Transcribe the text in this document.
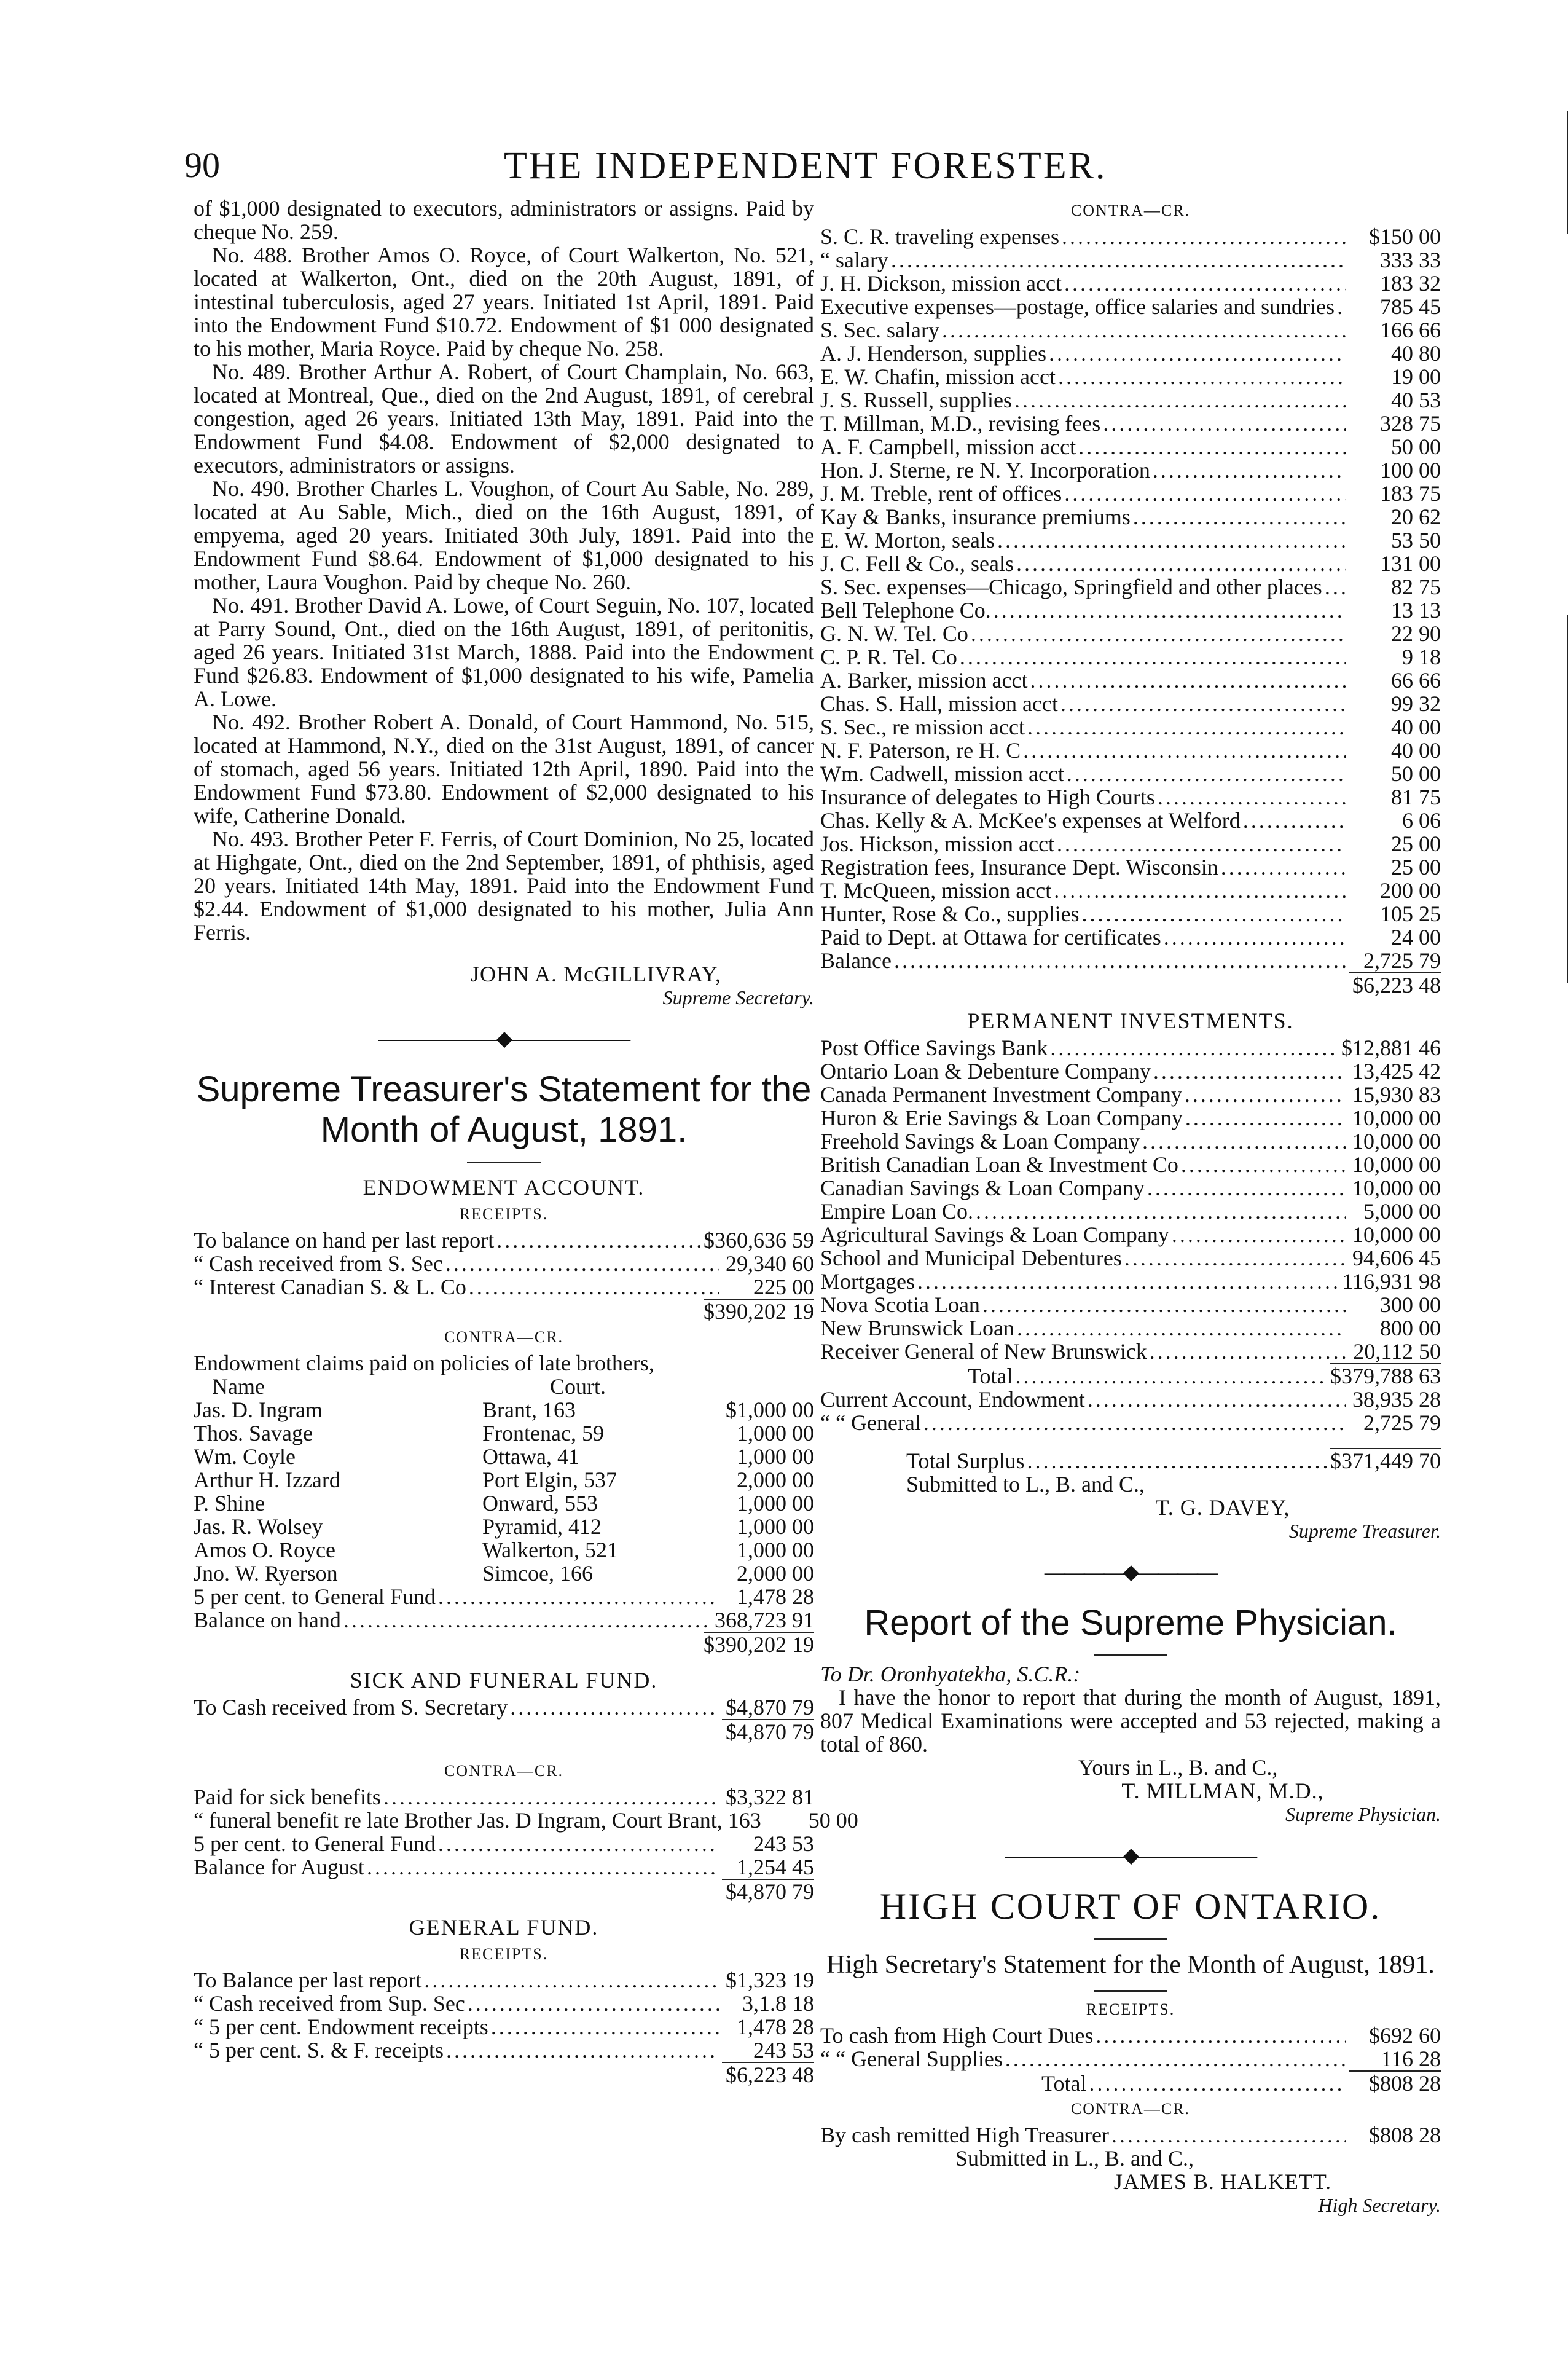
90	THE INDEPENDENT FORESTER.

of $1,000 designated to executors, administrators or assigns. Paid by cheque No. 259.

No. 488. Brother Amos O. Royce, of Court Walkerton, No. 521, located at Walkerton, Ont., died on the 20th August, 1891, of intestinal tuberculosis, aged 27 years. Initiated 1st April, 1891. Paid into the Endowment Fund $10.72. Endowment of $1 000 designated to his mother, Maria Royce. Paid by cheque No. 258.

No. 489. Brother Arthur A. Robert, of Court Champlain, No. 663, located at Montreal, Que., died on the 2nd August, 1891, of cerebral congestion, aged 26 years. Initiated 13th May, 1891. Paid into the Endowment Fund $4.08. Endowment of $2,000 designated to executors, administrators or assigns.

No. 490. Brother Charles L. Voughon, of Court Au Sable, No. 289, located at Au Sable, Mich., died on the 16th August, 1891, of empyema, aged 20 years. Initiated 30th July, 1891. Paid into the Endowment Fund $8.64. Endowment of $1,000 designated to his mother, Laura Voughon. Paid by cheque No. 260.

No. 491. Brother David A. Lowe, of Court Seguin, No. 107, located at Parry Sound, Ont., died on the 16th August, 1891, of peritonitis, aged 26 years. Initiated 31st March, 1888. Paid into the Endowment Fund $26.83. Endowment of $1,000 designated to his wife, Pamelia A. Lowe.

No. 492. Brother Robert A. Donald, of Court Hammond, No. 515, located at Hammond, N.Y., died on the 31st August, 1891, of cancer of stomach, aged 56 years. Initiated 12th April, 1890. Paid into the Endowment Fund $73.80. Endowment of $2,000 designated to his wife, Catherine Donald.

No. 493. Brother Peter F. Ferris, of Court Dominion, No 25, located at Highgate, Ont., died on the 2nd September, 1891, of phthisis, aged 20 years. Initiated 14th May, 1891. Paid into the Endowment Fund $2.44. Endowment of $1,000 designated to his mother, Julia Ann Ferris.

JOHN A. McGILLIVRAY,
Supreme Secretary.
——————◆——————
Supreme Treasurer's Statement for the Month of August, 1891.
ENDOWMENT ACCOUNT.
RECEIPTS.
To balance on hand per last report .....	$360,636 59
“ Cash received from S. Sec .....	29,340 60
“ Interest Canadian S. & L. Co .....	225 00
$390,202 19
CONTRA—CR.
Endowment claims paid on policies of late brothers,
Name	Court.
Jas. D. Ingram	Brant, 163	$1,000 00
Thos. Savage	Frontenac, 59	1,000 00
Wm. Coyle	Ottawa, 41	1,000 00
Arthur H. Izzard	Port Elgin, 537	2,000 00
P. Shine	Onward, 553	1,000 00
Jas. R. Wolsey	Pyramid, 412	1,000 00
Amos O. Royce	Walkerton, 521	1,000 00
Jno. W. Ryerson	Simcoe, 166	2,000 00
5 per cent. to General Fund .....	1,478 28
Balance on hand .....	368,723 91
$390,202 19
SICK AND FUNERAL FUND.
To Cash received from S. Secretary .....	$4,870 79
$4,870 79
CONTRA—CR.
Paid for sick benefits .....	$3,322 81
“ funeral benefit re late Brother Jas. D Ingram, Court Brant, 163	50 00
5 per cent. to General Fund .....	243 53
Balance for August .....	1,254 45
$4,870 79
GENERAL FUND.
RECEIPTS.
To Balance per last report .....	$1,323 19
“ Cash received from Sup. Sec .....	3,1.8 18
“ 5 per cent. Endowment receipts .....	1,478 28
“ 5 per cent. S. & F. receipts .....	243 53
$6,223 48
CONTRA—CR.
S. C. R. traveling expenses .....	$150 00
“ salary .....	333 33
J. H. Dickson, mission acct .....	183 32
Executive expenses—postage, office salaries and sundries .....	785 45
S. Sec. salary .....	166 66
A. J. Henderson, supplies .....	40 80
E. W. Chafin, mission acct .....	19 00
J. S. Russell, supplies .....	40 53
T. Millman, M.D., revising fees .....	328 75
A. F. Campbell, mission acct .....	50 00
Hon. J. Sterne, re N. Y. Incorporation .....	100 00
J. M. Treble, rent of offices .....	183 75
Kay & Banks, insurance premiums .....	20 62
E. W. Morton, seals .....	53 50
J. C. Fell & Co., seals .....	131 00
S. Sec. expenses—Chicago, Springfield and other places .....	82 75
Bell Telephone Co. .....	13 13
G. N. W. Tel. Co .....	22 90
C. P. R. Tel. Co .....	9 18
A. Barker, mission acct .....	66 66
Chas. S. Hall, mission acct .....	99 32
S. Sec., re mission acct .....	40 00
N. F. Paterson, re H. C .....	40 00
Wm. Cadwell, mission acct .....	50 00
Insurance of delegates to High Courts .....	81 75
Chas. Kelly & A. McKee's expenses at Welford .....	6 06
Jos. Hickson, mission acct .....	25 00
Registration fees, Insurance Dept. Wisconsin .....	25 00
T. McQueen, mission acct .....	200 00
Hunter, Rose & Co., supplies .....	105 25
Paid to Dept. at Ottawa for certificates .....	24 00
Balance .....	2,725 79
$6,223 48
PERMANENT INVESTMENTS.
Post Office Savings Bank .....	$12,881 46
Ontario Loan & Debenture Company .....	13,425 42
Canada Permanent Investment Company .....	15,930 83
Huron & Erie Savings & Loan Company .....	10,000 00
Freehold Savings & Loan Company .....	10,000 00
British Canadian Loan & Investment Co .....	10,000 00
Canadian Savings & Loan Company .....	10,000 00
Empire Loan Co. .....	5,000 00
Agricultural Savings & Loan Company .....	10,000 00
School and Municipal Debentures .....	94,606 45
Mortgages .....	116,931 98
Nova Scotia Loan .....	300 00
New Brunswick Loan .....	800 00
Receiver General of New Brunswick .....	20,112 50
Total .....	$379,788 63
Current Account, Endowment .....	38,935 28
“ “ General .....	2,725 79
Total Surplus .....	$371,449 70
Submitted to L., B. and C.,
T. G. DAVEY,
Supreme Treasurer.
————◆————
Report of the Supreme Physician.
To Dr. Oronhyatekha, S.C.R.:
I have the honor to report that during the month of August, 1891, 807 Medical Examinations were accepted and 53 rejected, making a total of 860.
Yours in L., B. and C.,
T. MILLMAN, M.D.,
Supreme Physician.
——————◆——————
HIGH COURT OF ONTARIO.
High Secretary's Statement for the Month of August, 1891.
RECEIPTS.
To cash from High Court Dues .....	$692 60
“ “ General Supplies .....	116 28
Total .....	$808 28
CONTRA—CR.
By cash remitted High Treasurer .....	$808 28
Submitted in L., B. and C.,
JAMES B. HALKETT.
High Secretary.
